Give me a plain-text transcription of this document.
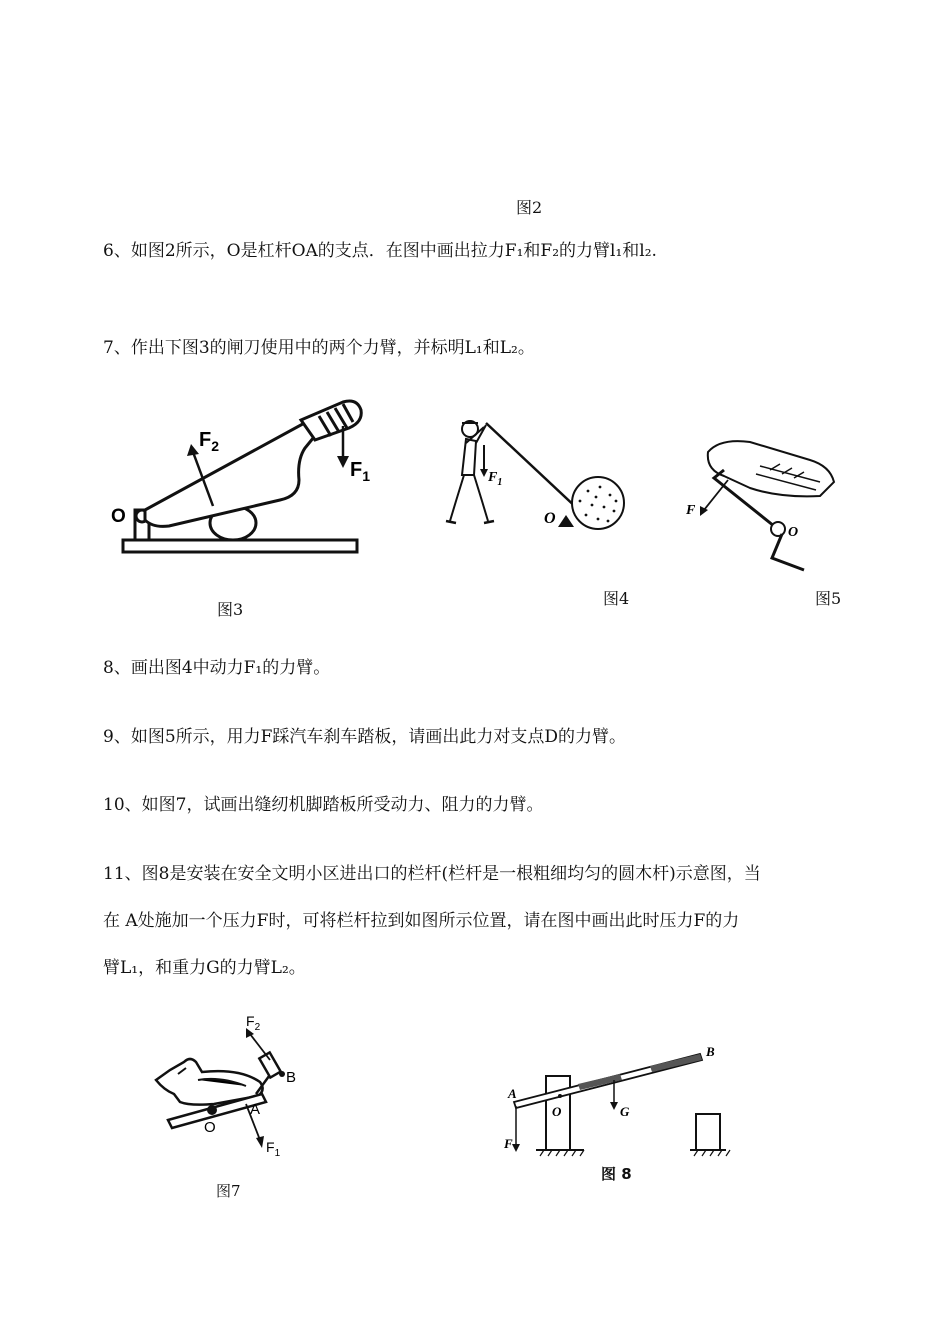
图2
6、如图2所示，O是杠杆OA的支点．在图中画出拉力F₁和F₂的力臂l₁和l₂.
7、作出下图3的闸刀使用中的两个力臂，并标明L₁和L₂。
$F_2$
$F_1$
O
图3
$F_1$
O
图4
F
O
图5
8、画出图4中动力F₁的力臂。
9、如图5所示，用力F踩汽车刹车踏板，请画出此力对支点D的力臂。
10、如图7，试画出缝纫机脚踏板所受动力、阻力的力臂。
11、图8是安装在安全文明小区进出口的栏杆(栏杆是一根粗细均匀的圆木杆)示意图，当
在 A处施加一个压力F时，可将栏杆拉到如图所示位置，请在图中画出此时压力F的力
臂L₁，和重力G的力臂L₂。
$F_2$
B
$F_1$
A
O
图7
A
O
B
G
F
图 8
